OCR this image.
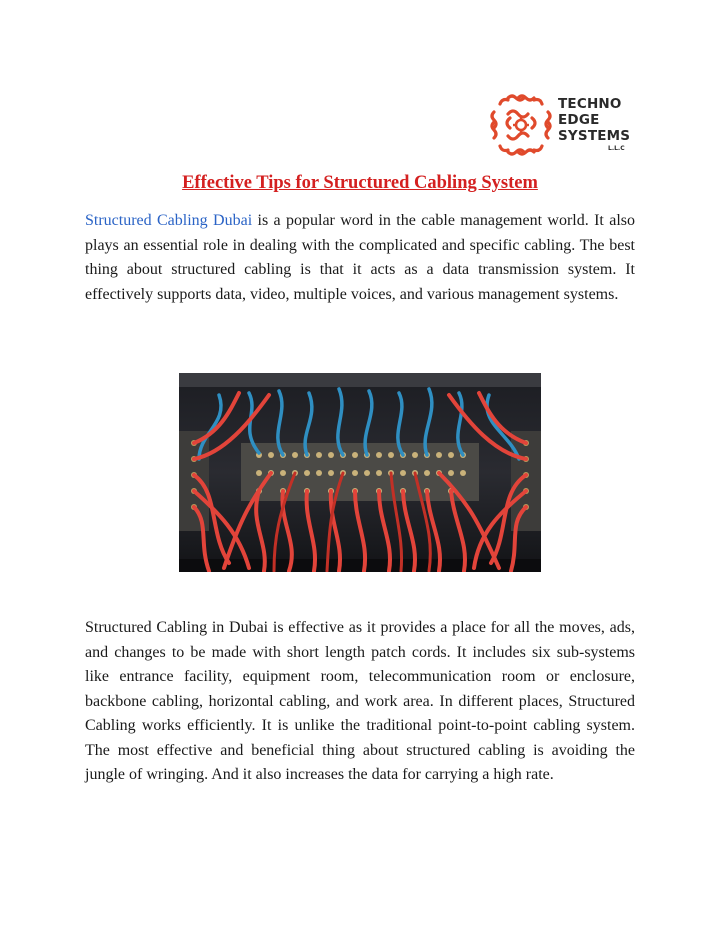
TECHNO
EDGE
SYSTEMS
L.L.C
Effective Tips for Structured Cabling System

Structured Cabling Dubai is a popular word in the cable management world. It also plays an essential role in dealing with the complicated and specific cabling. The best thing about structured cabling is that it acts as a data transmission system. It effectively supports data, video, multiple voices, and various management systems.

Structured Cabling in Dubai is effective as it provides a place for all the moves, ads, and changes to be made with short length patch cords. It includes six sub-systems like entrance facility, equipment room, telecommunication room or enclosure, backbone cabling, horizontal cabling, and work area. In different places, Structured Cabling works efficiently. It is unlike the traditional point-to-point cabling system. The most effective and beneficial thing about structured cabling is avoiding the jungle of wringing. And it also increases the data for carrying a high rate.
